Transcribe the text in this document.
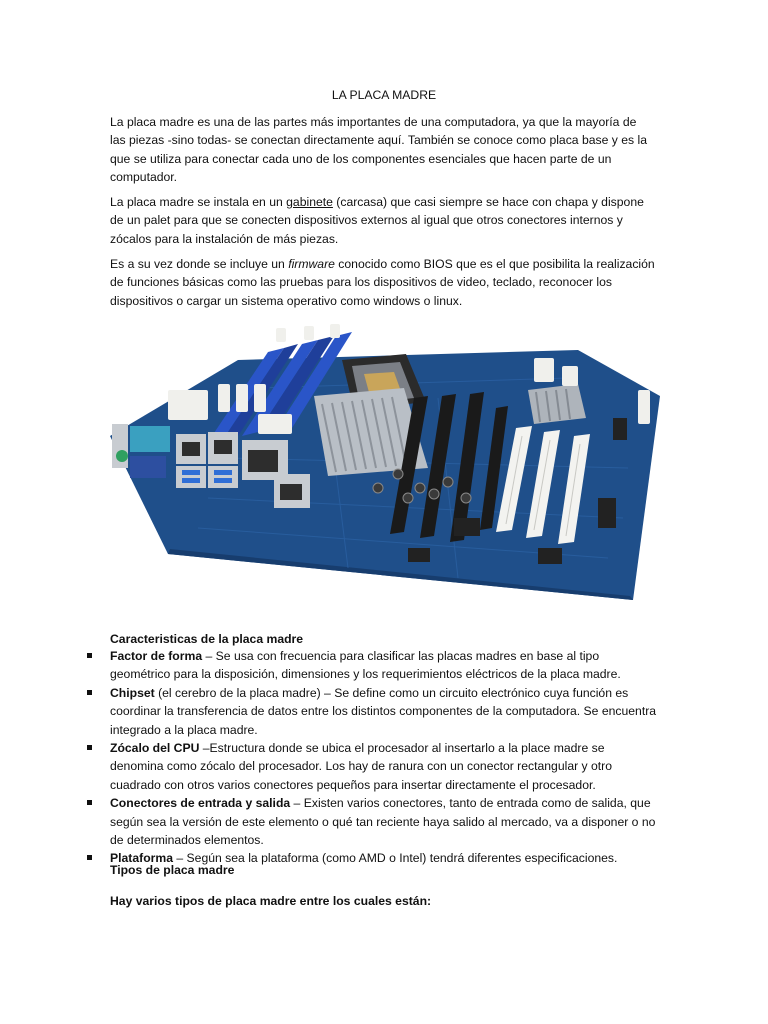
LA PLACA MADRE

La placa madre es una de las partes más importantes de una computadora, ya que la mayoría de las piezas -sino todas- se conectan directamente aquí. También se conoce como placa base y es la que se utiliza para conectar cada uno de los componentes esenciales que hacen parte de un computador.

La placa madre se instala en un gabinete (carcasa) que casi siempre se hace con chapa y dispone de un palet para que se conecten dispositivos externos al igual que otros conectores internos y zócalos para la instalación de más piezas.

Es a su vez donde se incluye un firmware conocido como BIOS que es el que posibilita la realización de funciones básicas como las pruebas para los dispositivos de video, teclado, reconocer los dispositivos o cargar un sistema operativo como windows o linux.

Caracteristicas de la placa madre
Factor de forma – Se usa con frecuencia para clasificar las placas madres en base al tipo geométrico para la disposición, dimensiones y los requerimientos eléctricos de la placa madre.
Chipset (el cerebro de la placa madre) – Se define como un circuito electrónico cuya función es coordinar la transferencia de datos entre los distintos componentes de la computadora. Se encuentra integrado a la placa madre.
Zócalo del CPU –Estructura donde se ubica el procesador al insertarlo a la place madre se denomina como zócalo del procesador. Los hay de ranura con un conector rectangular y otro cuadrado con otros varios conectores pequeños para insertar directamente el procesador.
Conectores de entrada y salida – Existen varios conectores, tanto de entrada como de salida, que según sea la versión de este elemento o qué tan reciente haya salido al mercado, va a disponer o no de determinados elementos.
Plataforma – Según sea la plataforma (como AMD o Intel) tendrá diferentes especificaciones.
Tipos de placa madre
Hay varios tipos de placa madre entre los cuales están:
